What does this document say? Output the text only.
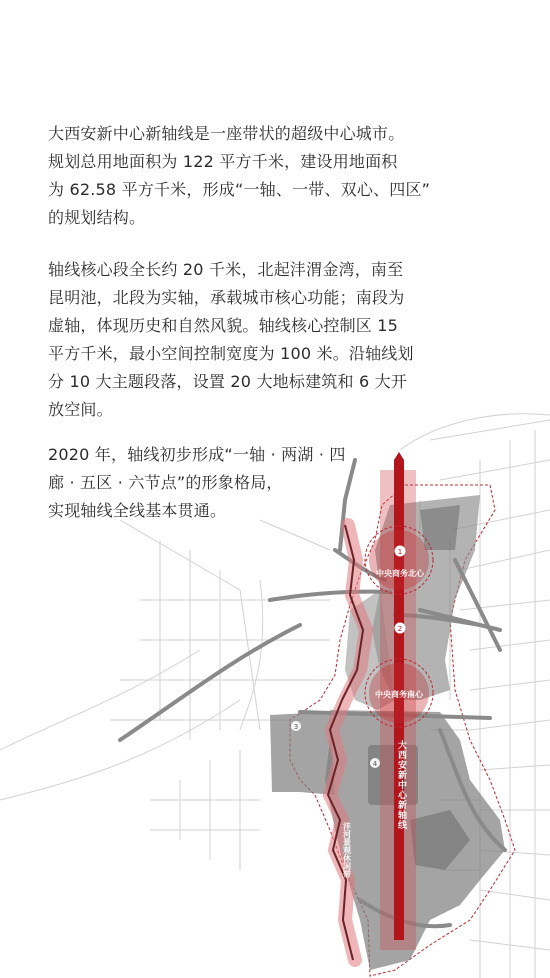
大西安新中心新轴线是一座带状的超级中心城市。
规划总用地面积为 122 平方千米，建设用地面积
为 62.58 平方千米，形成“一轴、一带、双心、四区”
的规划结构。
轴线核心段全长约 20 千米，北起沣渭金湾，南至
昆明池，北段为实轴，承载城市核心功能；南段为
虚轴，体现历史和自然风貌。轴线核心控制区 15
平方千米，最小空间控制宽度为 100 米。沿轴线划
分 10 大主题段落，设置 20 大地标建筑和 6 大开
放空间。
2020 年，轴线初步形成“一轴 · 两湖 · 四
廊 · 五区 · 六节点”的形象格局，
实现轴线全线基本贯通。
1
2
3
4
中央商务北心
中央商务南心
大西安新中心新轴线
沣河景观休闲带
